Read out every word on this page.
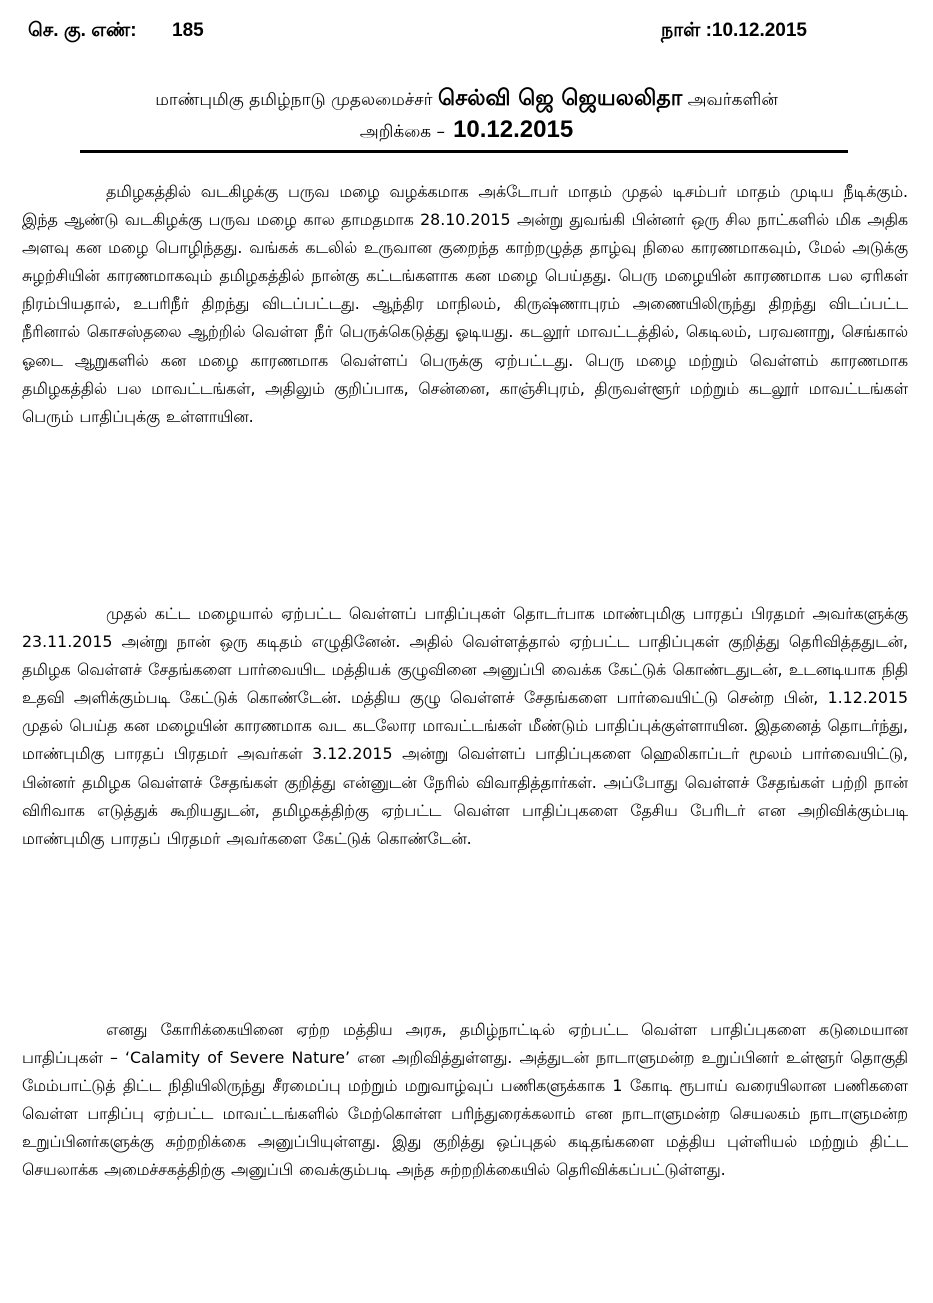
செ. கு. எண்: 185	நாள் :10.12.2015
மாண்புமிகு தமிழ்நாடு முதலமைச்சர் செல்வி ஜெ ஜெயலலிதா அவர்களின்
அறிக்கை – 10.12.2015

தமிழகத்தில் வடகிழக்கு பருவ மழை வழக்கமாக அக்டோபர் மாதம் முதல் டிசம்பர் மாதம் முடிய நீடிக்கும். இந்த ஆண்டு வடகிழக்கு பருவ மழை கால தாமதமாக 28.10.2015 அன்று துவங்கி பின்னர் ஒரு சில நாட்களில் மிக அதிக அளவு கன மழை பொழிந்தது. வங்கக் கடலில் உருவான குறைந்த காற்றழுத்த தாழ்வு நிலை காரணமாகவும், மேல் அடுக்கு சுழற்சியின் காரணமாகவும் தமிழகத்தில் நான்கு கட்டங்களாக கன மழை பெய்தது. பெரு மழையின் காரணமாக பல ஏரிகள் நிரம்பியதால், உபரிநீர் திறந்து விடப்பட்டது. ஆந்திர மாநிலம், கிருஷ்ணாபுரம் அணையிலிருந்து திறந்து விடப்பட்ட நீரினால் கொசஸ்தலை ஆற்றில் வெள்ள நீர் பெருக்கெடுத்து ஓடியது. கடலூர் மாவட்டத்தில், கெடிலம், பரவனாறு, செங்கால் ஓடை ஆறுகளில் கன மழை காரணமாக வெள்ளப் பெருக்கு ஏற்பட்டது. பெரு மழை மற்றும் வெள்ளம் காரணமாக தமிழகத்தில் பல மாவட்டங்கள், அதிலும் குறிப்பாக, சென்னை, காஞ்சிபுரம், திருவள்ளூர் மற்றும் கடலூர் மாவட்டங்கள் பெரும் பாதிப்புக்கு உள்ளாயின.

முதல் கட்ட மழையால் ஏற்பட்ட வெள்ளப் பாதிப்புகள் தொடர்பாக மாண்புமிகு பாரதப் பிரதமர் அவர்களுக்கு 23.11.2015 அன்று நான் ஒரு கடிதம் எழுதினேன். அதில் வெள்ளத்தால் ஏற்பட்ட பாதிப்புகள் குறித்து தெரிவித்ததுடன், தமிழக வெள்ளச் சேதங்களை பார்வையிட மத்தியக் குழுவினை அனுப்பி வைக்க கேட்டுக் கொண்டதுடன், உடனடியாக நிதி உதவி அளிக்கும்படி கேட்டுக் கொண்டேன். மத்திய குழு வெள்ளச் சேதங்களை பார்வையிட்டு சென்ற பின், 1.12.2015 முதல் பெய்த கன மழையின் காரணமாக வட கடலோர மாவட்டங்கள் மீண்டும் பாதிப்புக்குள்ளாயின. இதனைத் தொடர்ந்து, மாண்புமிகு பாரதப் பிரதமர் அவர்கள் 3.12.2015 அன்று வெள்ளப் பாதிப்புகளை ஹெலிகாப்டர் மூலம் பார்வையிட்டு, பின்னர் தமிழக வெள்ளச் சேதங்கள் குறித்து என்னுடன் நேரில் விவாதித்தார்கள். அப்போது வெள்ளச் சேதங்கள் பற்றி நான் விரிவாக எடுத்துக் கூறியதுடன், தமிழகத்திற்கு ஏற்பட்ட வெள்ள பாதிப்புகளை தேசிய பேரிடர் என அறிவிக்கும்படி மாண்புமிகு பாரதப் பிரதமர் அவர்களை கேட்டுக் கொண்டேன்.

எனது கோரிக்கையினை ஏற்ற மத்திய அரசு, தமிழ்நாட்டில் ஏற்பட்ட வெள்ள பாதிப்புகளை கடுமையான பாதிப்புகள் – ‘Calamity of Severe Nature’ என அறிவித்துள்ளது. அத்துடன் நாடாளுமன்ற உறுப்பினர் உள்ளூர் தொகுதி மேம்பாட்டுத் திட்ட நிதியிலிருந்து சீரமைப்பு மற்றும் மறுவாழ்வுப் பணிகளுக்காக 1 கோடி ரூபாய் வரையிலான பணிகளை வெள்ள பாதிப்பு ஏற்பட்ட மாவட்டங்களில் மேற்கொள்ள பரிந்துரைக்கலாம் என நாடாளுமன்ற செயலகம் நாடாளுமன்ற உறுப்பினர்களுக்கு சுற்றறிக்கை அனுப்பியுள்ளது. இது குறித்து ஒப்புதல் கடிதங்களை மத்திய புள்ளியல் மற்றும் திட்ட செயலாக்க அமைச்சகத்திற்கு அனுப்பி வைக்கும்படி அந்த சுற்றறிக்கையில் தெரிவிக்கப்பட்டுள்ளது.
